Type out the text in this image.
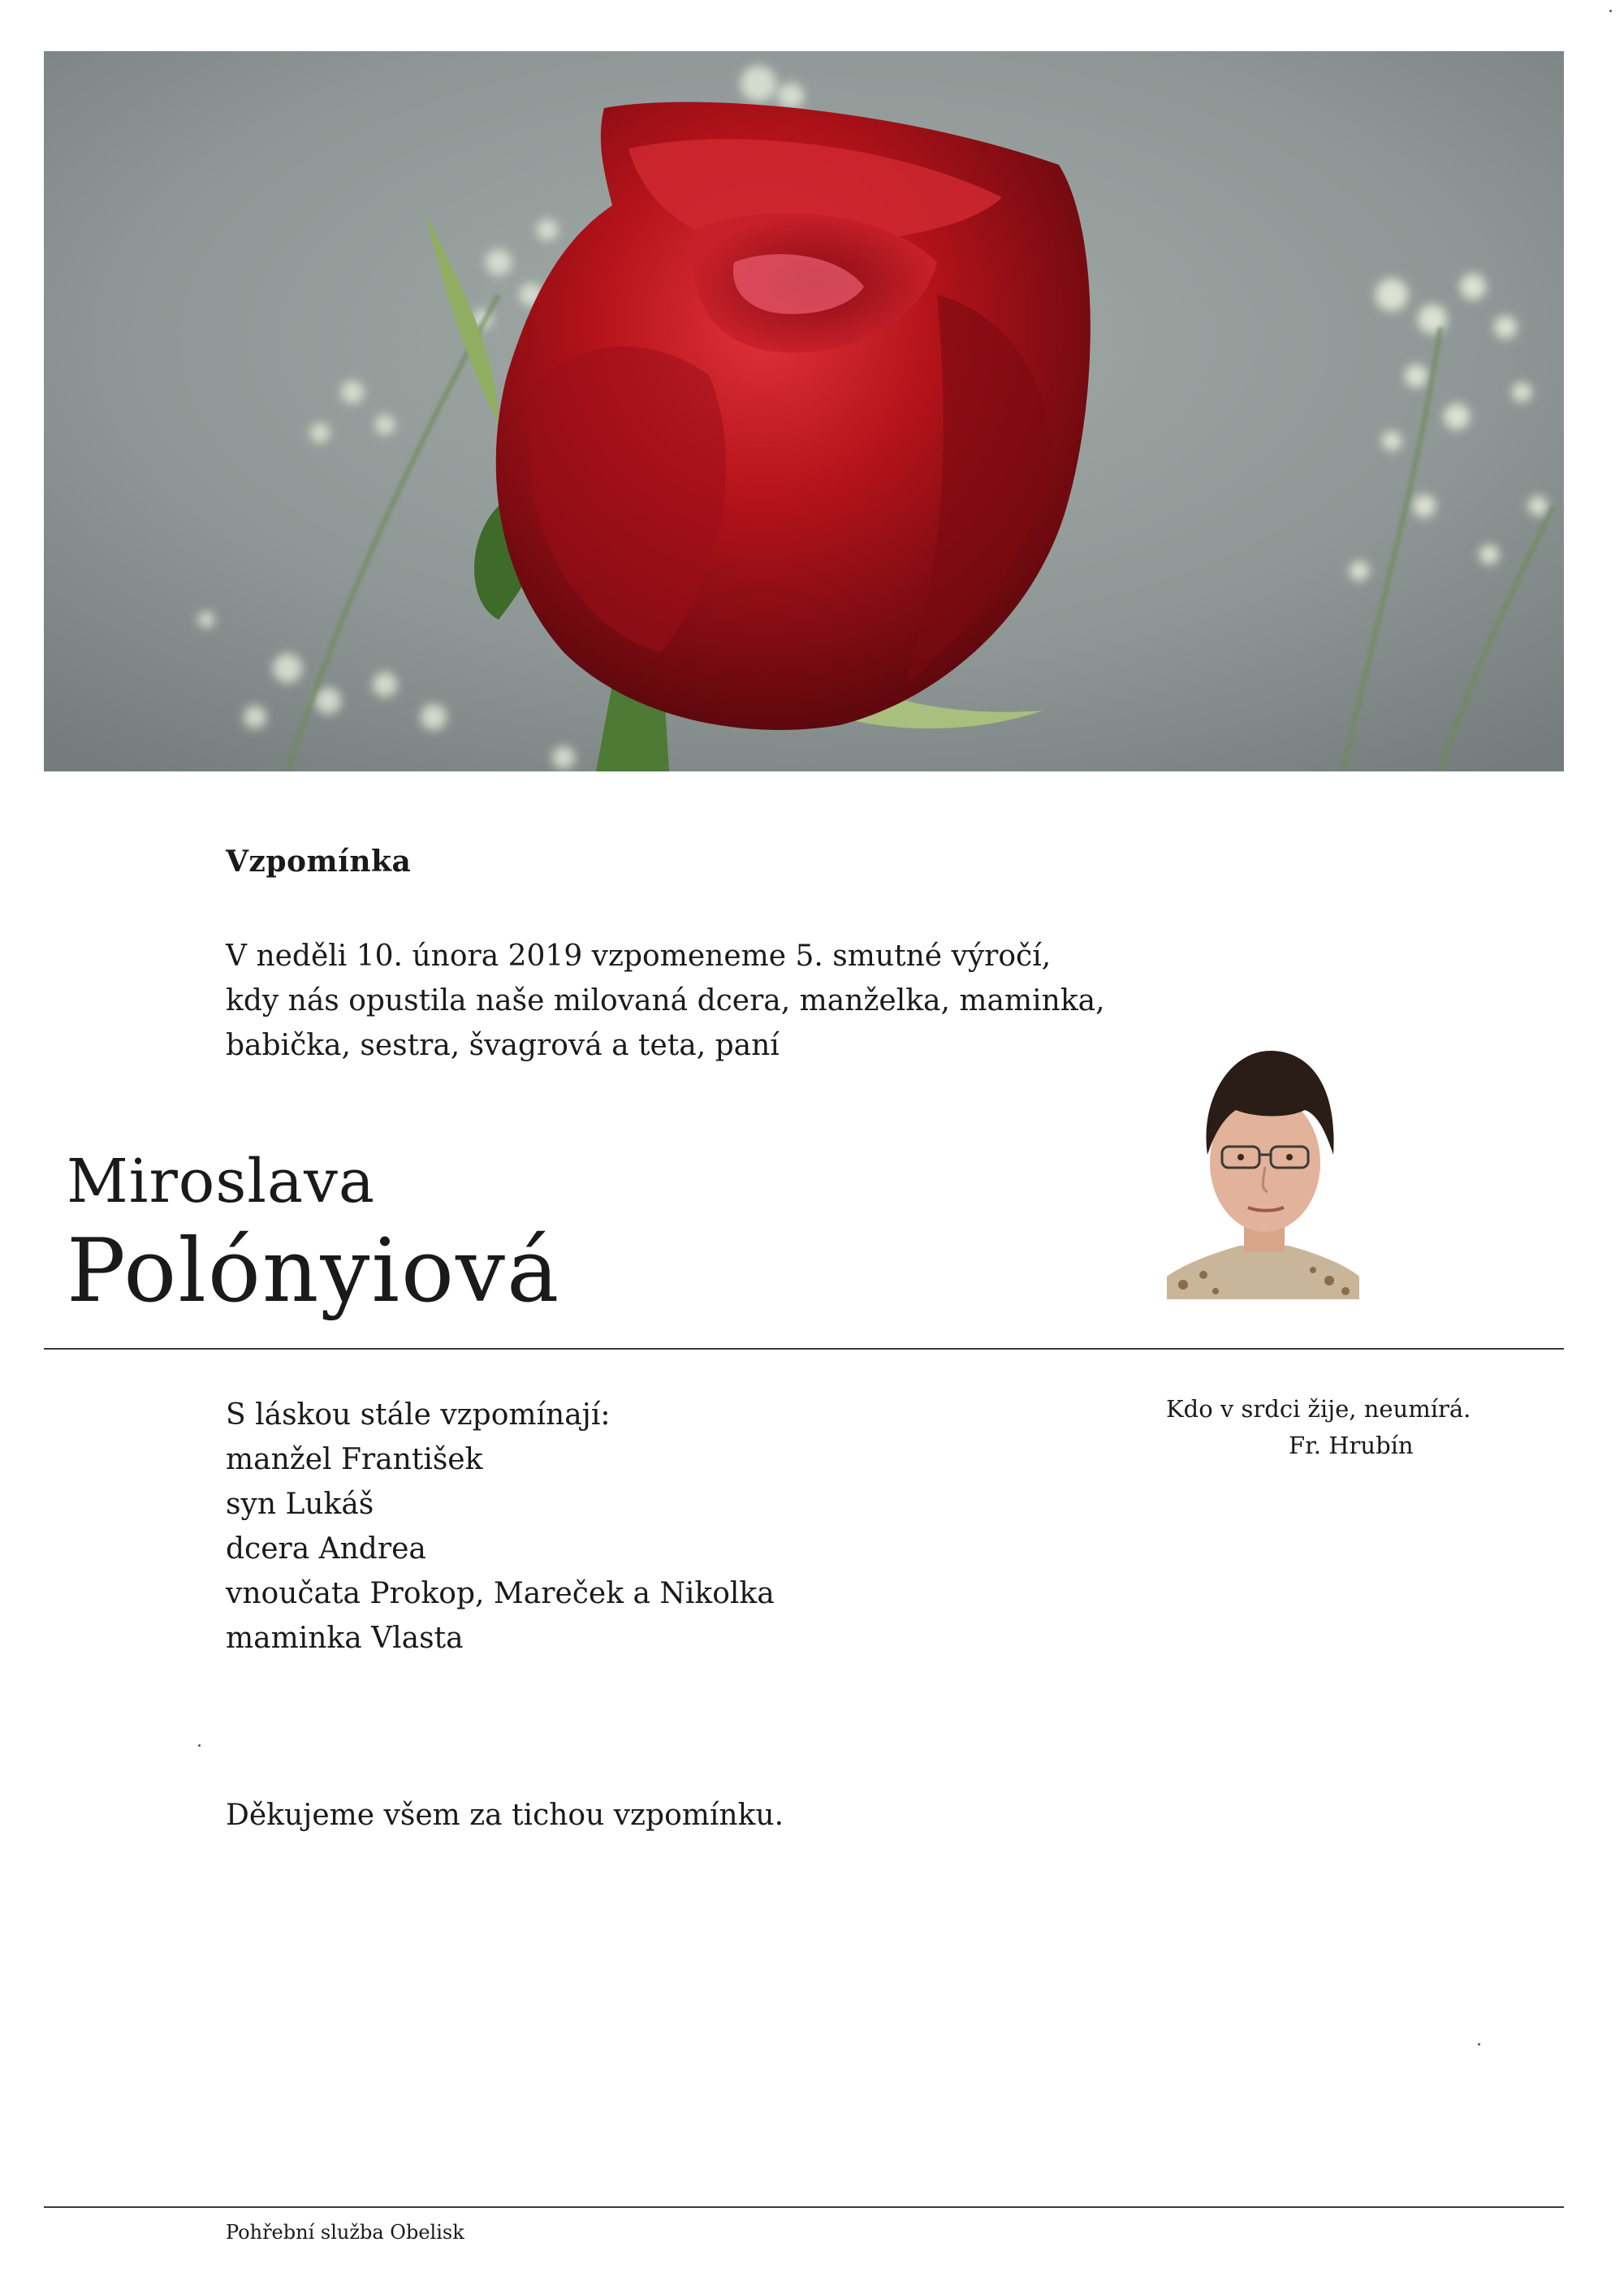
Vzpomínka
V neděli 10. února 2019 vzpomeneme 5. smutné výročí,
kdy nás opustila naše milovaná dcera, manželka, maminka,
babička, sestra, švagrová a teta, paní
Miroslava
Polónyiová
S láskou stále vzpomínají:
manžel František
syn Lukáš
dcera Andrea
vnoučata Prokop, Mareček a Nikolka
maminka Vlasta
Kdo v srdci žije, neumírá.
Fr. Hrubín
Děkujeme všem za tichou vzpomínku.
Pohřební služba Obelisk
